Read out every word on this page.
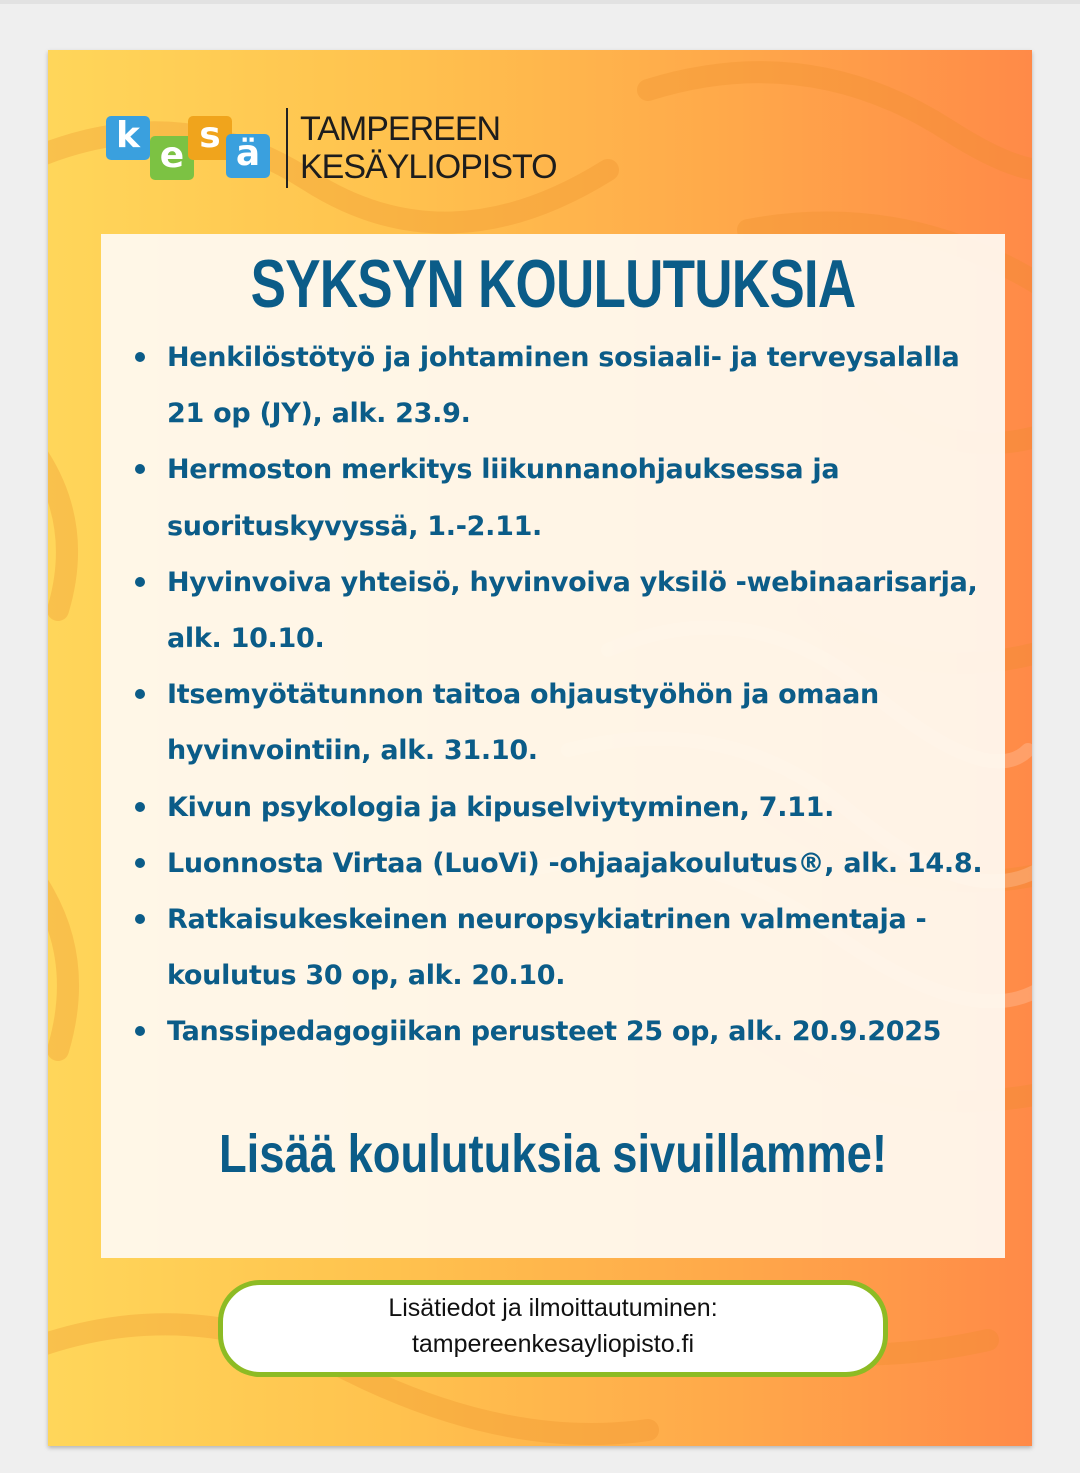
k e s ä
TAMPEREEN
KESÄYLIOPISTO
SYKSYN KOULUTUKSIA
Henkilöstötyö ja johtaminen sosiaali- ja terveysalalla
21 op (JY), alk. 23.9.
Hermoston merkitys liikunnanohjauksessa ja
suorituskyvyssä, 1.-2.11.
Hyvinvoiva yhteisö, hyvinvoiva yksilö -webinaarisarja,
alk. 10.10.
Itsemyötätunnon taitoa ohjaustyöhön ja omaan
hyvinvointiin, alk. 31.10.
Kivun psykologia ja kipuselviytyminen, 7.11.
Luonnosta Virtaa (LuoVi) -ohjaajakoulutus®, alk. 14.8.
Ratkaisukeskeinen neuropsykiatrinen valmentaja -
koulutus 30 op, alk. 20.10.
Tanssipedagogiikan perusteet 25 op, alk. 20.9.2025
Lisää koulutuksia sivuillamme!
Lisätiedot ja ilmoittautuminen:
tampereenkesayliopisto.fi
